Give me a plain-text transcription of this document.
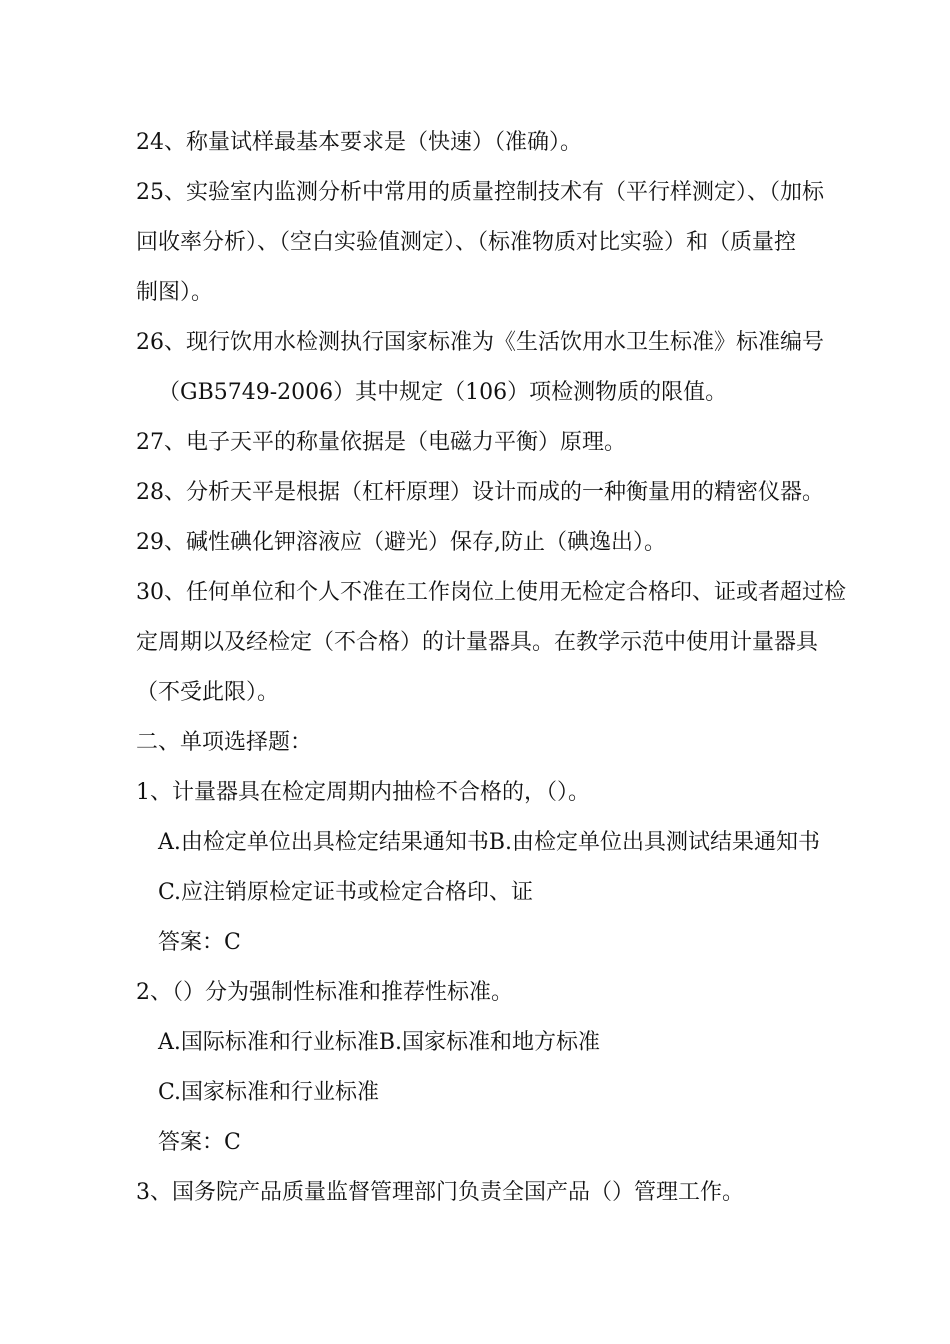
24、称量试样最基本要求是（快速）（准确）。
25、实验室内监测分析中常用的质量控制技术有（平行样测定）、（加标
回收率分析）、（空白实验值测定）、（标准物质对比实验）和（质量控
制图）。
26、现行饮用水检测执行国家标准为《生活饮用水卫生标准》标准编号
（GB5749-2006）其中规定（106）项检测物质的限值。
27、电子天平的称量依据是（电磁力平衡）原理。
28、分析天平是根据（杠杆原理）设计而成的一种衡量用的精密仪器。
29、碱性碘化钾溶液应（避光）保存,防止（碘逸出）。
30、任何单位和个人不准在工作岗位上使用无检定合格印、证或者超过检
定周期以及经检定（不合格）的计量器具。在教学示范中使用计量器具
（不受此限）。
二、单项选择题：
1、计量器具在检定周期内抽检不合格的，（）。
A.由检定单位出具检定结果通知书B.由检定单位出具测试结果通知书
C.应注销原检定证书或检定合格印、证
答案：C
2、（）分为强制性标准和推荐性标准。
A.国际标准和行业标准B.国家标准和地方标准
C.国家标准和行业标准
答案：C
3、国务院产品质量监督管理部门负责全国产品（）管理工作。
